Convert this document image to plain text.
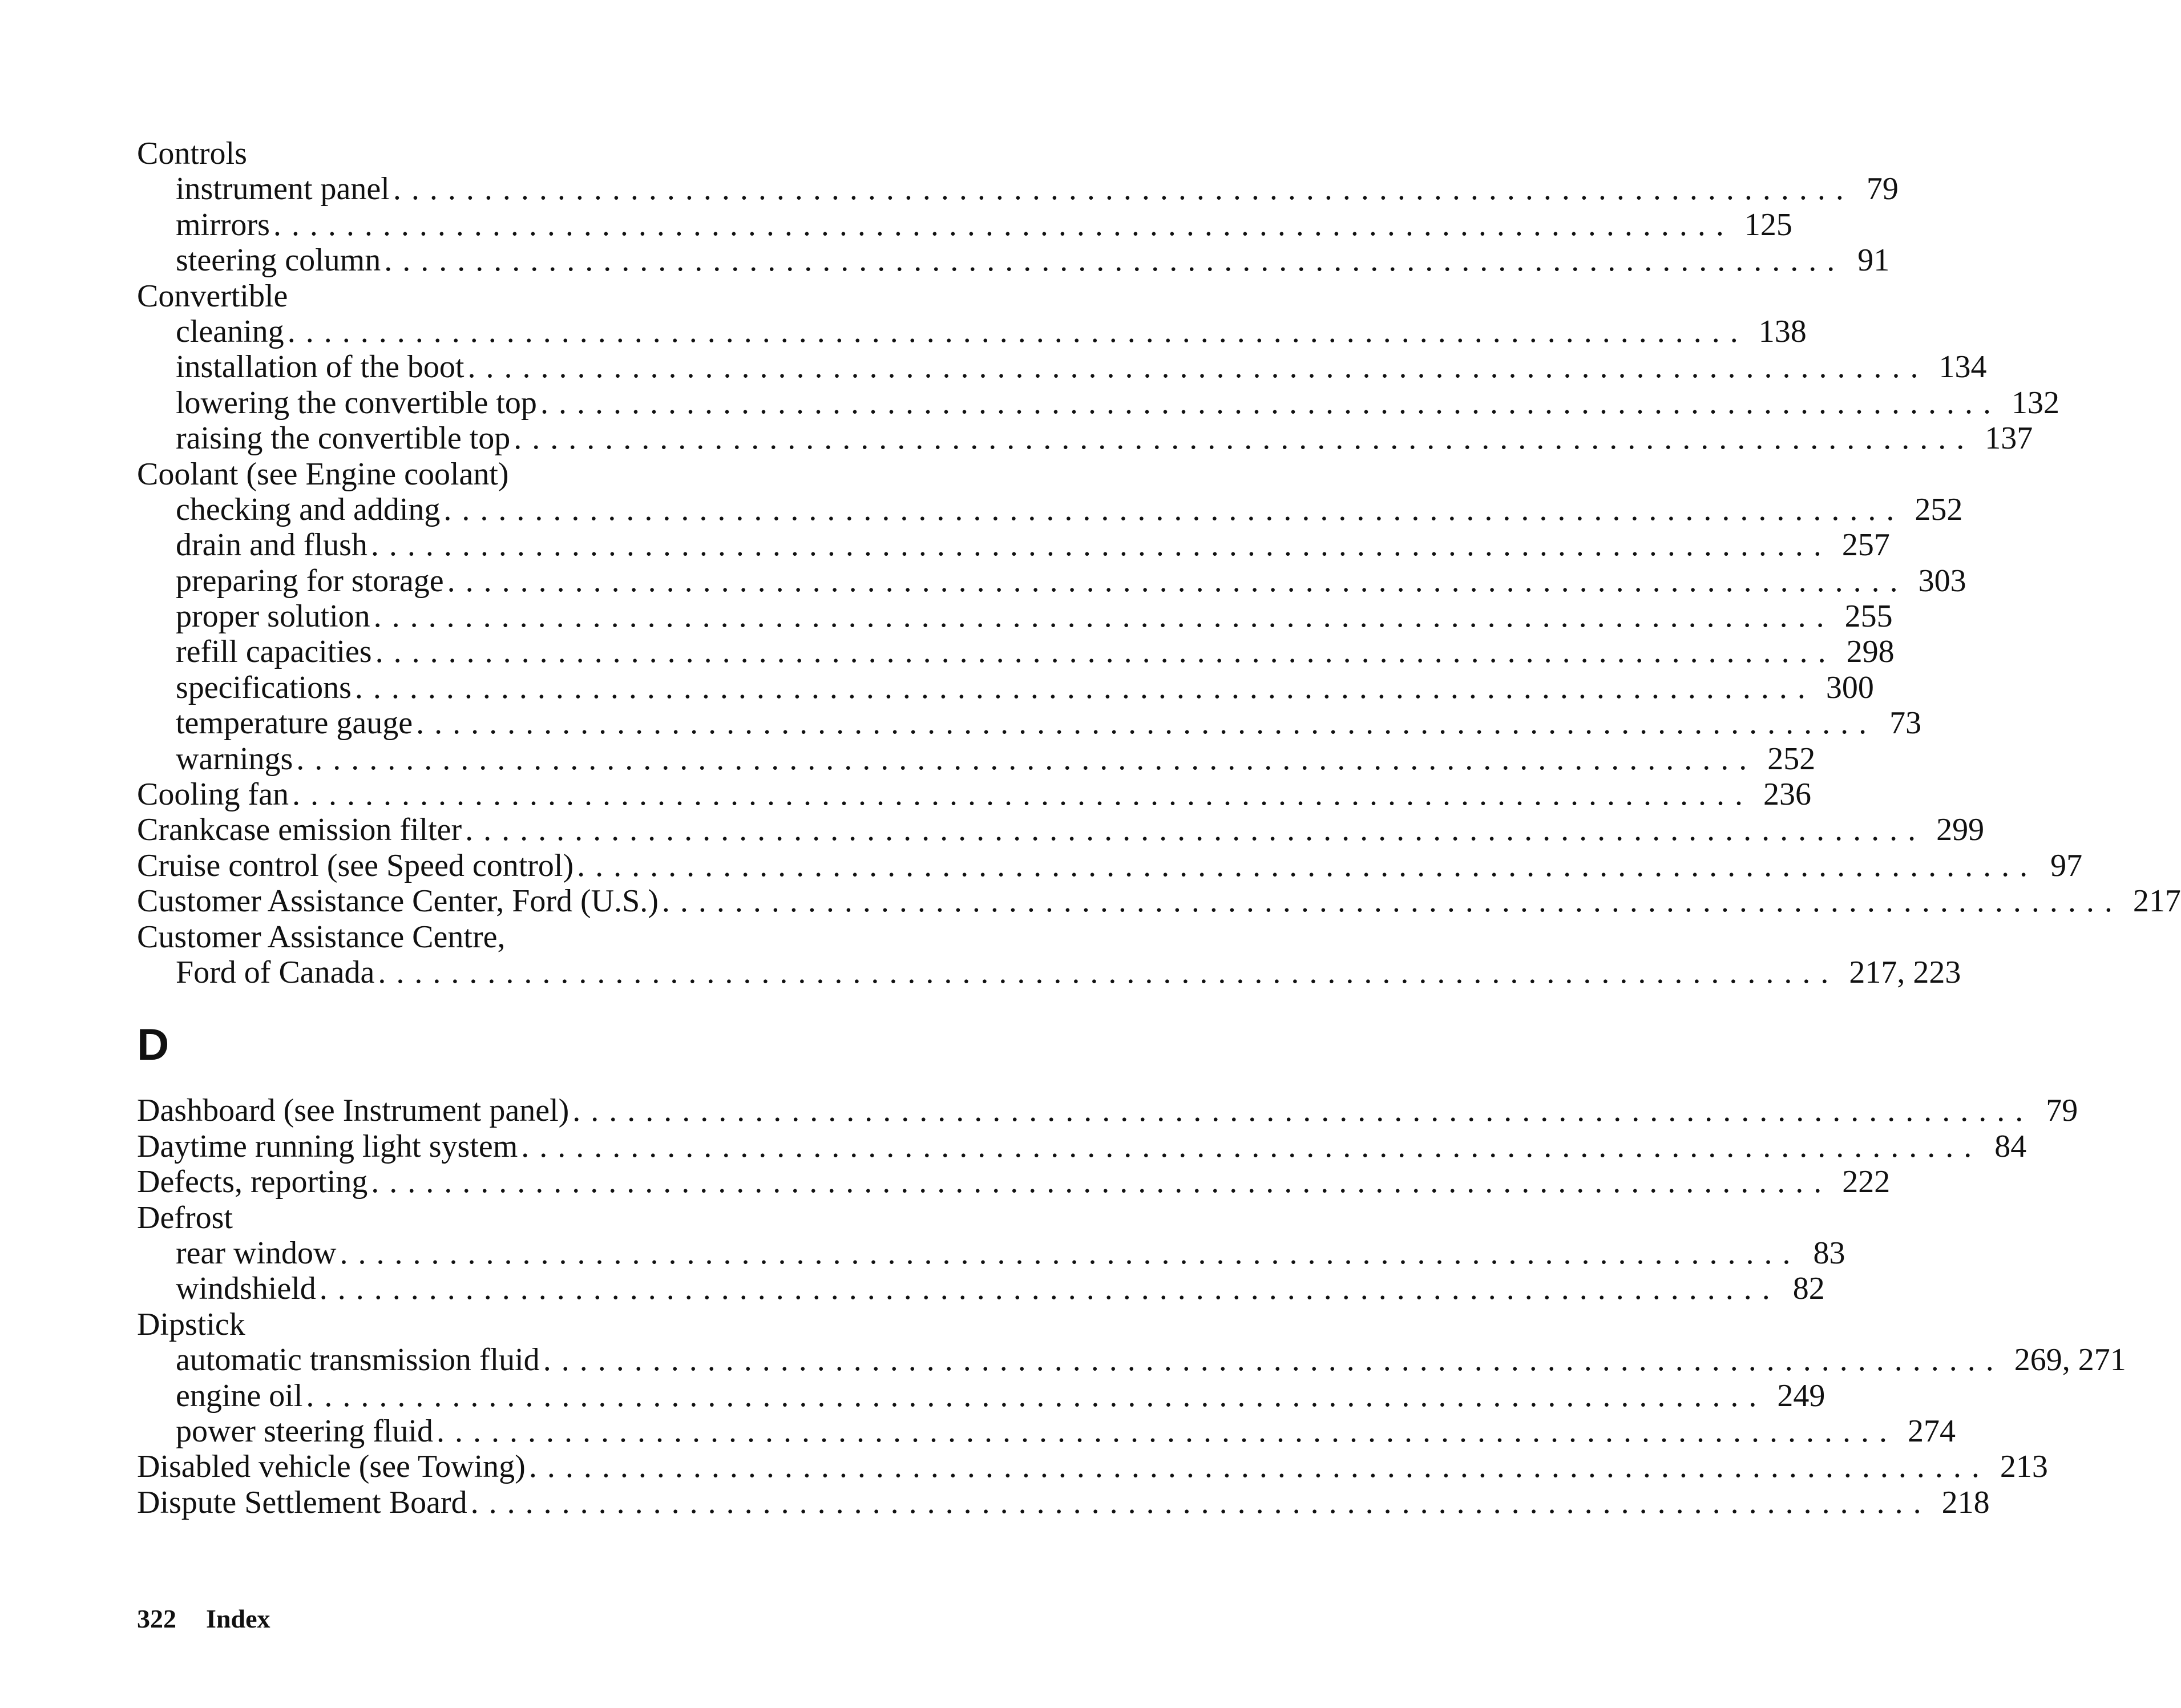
Controls
instrument panel ................................................................................ 79
mirrors ................................................................................ 125
steering column ................................................................................ 91
Convertible
cleaning ................................................................................ 138
installation of the boot ................................................................................ 134
lowering the convertible top ................................................................................ 132
raising the convertible top ................................................................................ 137
Coolant (see Engine coolant)
checking and adding ................................................................................ 252
drain and flush ................................................................................ 257
preparing for storage ................................................................................ 303
proper solution ................................................................................ 255
refill capacities ................................................................................ 298
specifications ................................................................................ 300
temperature gauge ................................................................................ 73
warnings ................................................................................ 252
Cooling fan ................................................................................ 236
Crankcase emission filter ................................................................................ 299
Cruise control (see Speed control) ................................................................................ 97
Customer Assistance Center, Ford (U.S.) ................................................................................ 217
Customer Assistance Centre,
Ford of Canada ................................................................................ 217, 223
D
Dashboard (see Instrument panel) ................................................................................ 79
Daytime running light system ................................................................................ 84
Defects, reporting ................................................................................ 222
Defrost
rear window ................................................................................ 83
windshield ................................................................................ 82
Dipstick
automatic transmission fluid ................................................................................ 269, 271
engine oil ................................................................................ 249
power steering fluid ................................................................................ 274
Disabled vehicle (see Towing) ................................................................................ 213
Dispute Settlement Board ................................................................................ 218
322 Index
